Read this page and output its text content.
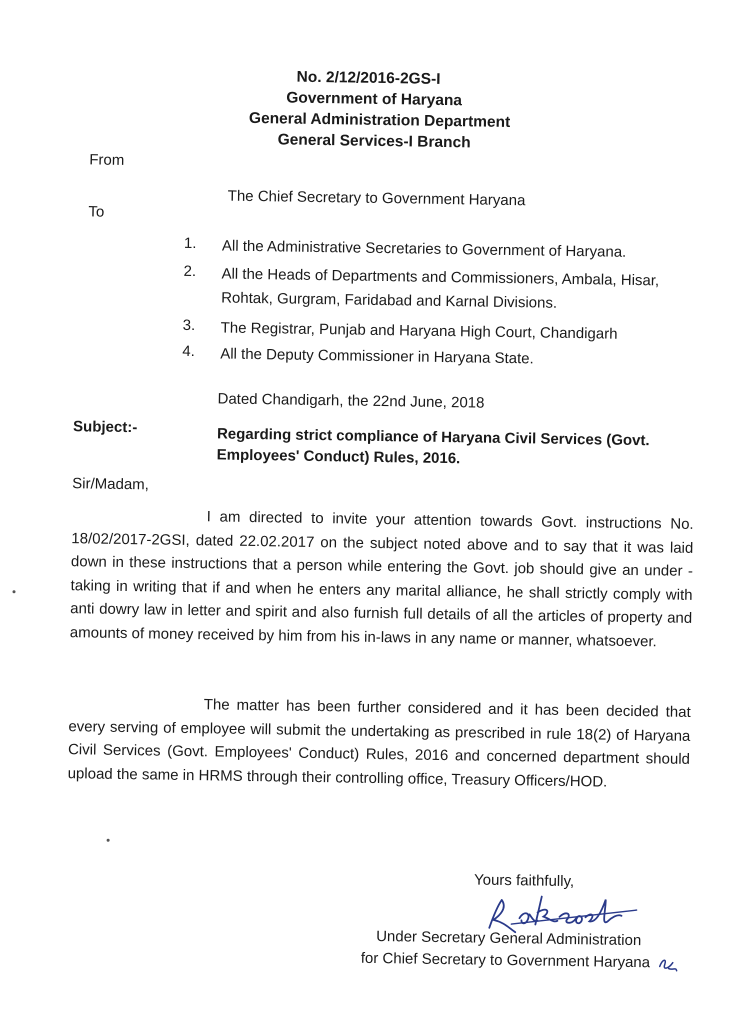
No. 2/12/2016-2GS-I
Government of Haryana
General Administration Department
General Services-I Branch
From
The Chief Secretary to Government Haryana
To
1. All the Administrative Secretaries to Government of Haryana.
2. All the Heads of Departments and Commissioners, Ambala, Hisar,
Rohtak, Gurgram, Faridabad and Karnal Divisions.
3. The Registrar, Punjab and Haryana High Court, Chandigarh
4. All the Deputy Commissioner in Haryana State.
Dated Chandigarh, the 22nd June, 2018
Subject:-	Regarding strict compliance of Haryana Civil Services (Govt.
Employees' Conduct) Rules, 2016.
Sir/Madam,
I am directed to invite your attention towards Govt. instructions No. 18/02/2017-2GSI, dated 22.02.2017 on the subject noted above and to say that it was laid down in these instructions that a person while entering the Govt. job should give an under - taking in writing that if and when he enters any marital alliance, he shall strictly comply with anti dowry law in letter and spirit and also furnish full details of all the articles of property and amounts of money received by him from his in-laws in any name or manner, whatsoever.
The matter has been further considered and it has been decided that every serving of employee will submit the undertaking as prescribed in rule 18(2) of Haryana Civil Services (Govt. Employees' Conduct) Rules, 2016 and concerned department should upload the same in HRMS through their controlling office, Treasury Officers/HOD.
Yours faithfully,
Under Secretary General Administration
for Chief Secretary to Government Haryana
